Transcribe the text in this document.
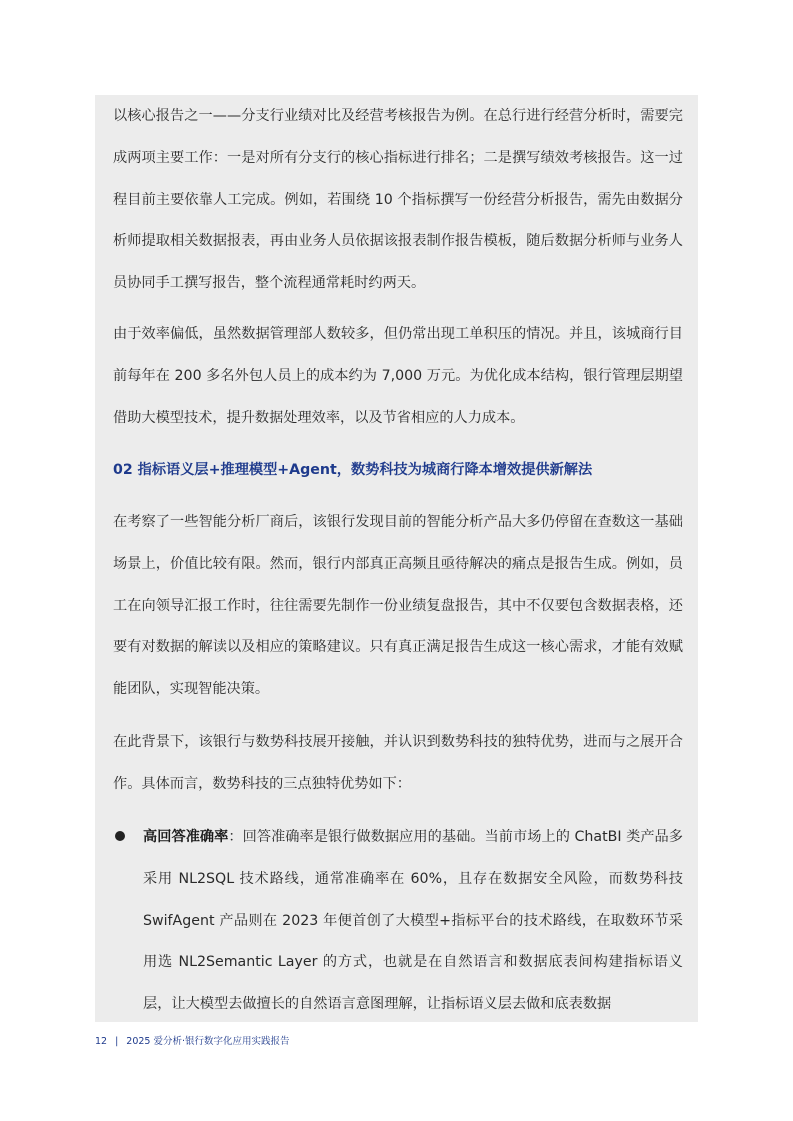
以核心报告之一——分支行业绩对比及经营考核报告为例。在总行进行经营分析时，需要完成两项主要工作：一是对所有分支行的核心指标进行排名；二是撰写绩效考核报告。这一过程目前主要依靠人工完成。例如，若围绕 10 个指标撰写一份经营分析报告，需先由数据分析师提取相关数据报表，再由业务人员依据该报表制作报告模板，随后数据分析师与业务人员协同手工撰写报告，整个流程通常耗时约两天。

由于效率偏低，虽然数据管理部人数较多，但仍常出现工单积压的情况。并且，该城商行目前每年在 200 多名外包人员上的成本约为 7,000 万元。为优化成本结构，银行管理层期望借助大模型技术，提升数据处理效率，以及节省相应的人力成本。

02 指标语义层+推理模型+Agent，数势科技为城商行降本增效提供新解法

在考察了一些智能分析厂商后，该银行发现目前的智能分析产品大多仍停留在查数这一基础场景上，价值比较有限。然而，银行内部真正高频且亟待解决的痛点是报告生成。例如，员工在向领导汇报工作时，往往需要先制作一份业绩复盘报告，其中不仅要包含数据表格，还要有对数据的解读以及相应的策略建议。只有真正满足报告生成这一核心需求，才能有效赋能团队，实现智能决策。

在此背景下，该银行与数势科技展开接触，并认识到数势科技的独特优势，进而与之展开合作。具体而言，数势科技的三点独特优势如下：

高回答准确率：回答准确率是银行做数据应用的基础。当前市场上的 ChatBI 类产品多采用 NL2SQL 技术路线，通常准确率在 60%，且存在数据安全风险，而数势科技 SwifAgent 产品则在 2023 年便首创了大模型+指标平台的技术路线，在取数环节采用选 NL2Semantic Layer 的方式，也就是在自然语言和数据底表间构建指标语义层，让大模型去做擅长的自然语言意图理解，让指标语义层去做和底表数据

12 | 2025 爱分析·银行数字化应用实践报告
